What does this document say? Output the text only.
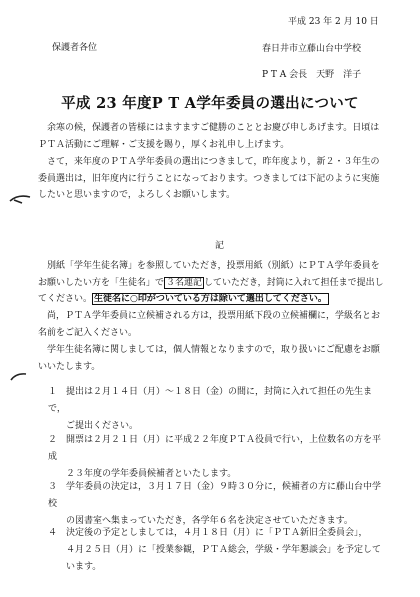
平成 23 年 2 月 10 日
保護者各位	春日井市立藤山台中学校
P T A 会長　天野　洋子
平成 23 年度P T A学年委員の選出について
余寒の候，保護者の皆様にはますますご健勝のこととお慶び申しあげます。日頃はＰＴＡ活動にご理解・ご支援を賜り，厚くお礼申し上げます。
さて，来年度のＰＴＡ学年委員の選出につきまして，昨年度より，新２・３年生の委員選出は，旧年度内に行うことになっております。つきましては下記のように実施したいと思いますので，よろしくお願いします。
記
別紙「学年生徒名簿」を参照していただき，投票用紙（別紙）にＰＴＡ学年委員をお願いしたい方を「生徒名」で ３名連記 していただき，封筒に入れて担任まで提出してください。 生徒名に○印がついている方は除いて選出してください。
尚，ＰＴＡ学年委員に立候補される方は，投票用紙下段の立候補欄に，学級名とお名前をご記入ください。
学年生徒名簿に関しましては，個人情報となりますので，取り扱いにご配慮をお願いいたします。
１ 提出は２月１４日（月）～１８日（金）の間に，封筒に入れて担任の先生まで，
ご提出ください。
２ 開票は２月２１日（月）に平成２２年度ＰＴＡ役員で行い，上位数名の方を平成
２３年度の学年委員候補者といたします。
３ 学年委員の決定は，３月１７日（金）９時３０分に，候補者の方に藤山台中学校
の図書室へ集まっていただき，各学年６名を決定させていただきます。
４ 決定後の予定としましては，４月１８日（月）に「ＰＴＡ新旧全委員会」，
４月２５日（月）に「授業参観，ＰＴＡ総会，学級・学年懇談会」を予定して
います。
